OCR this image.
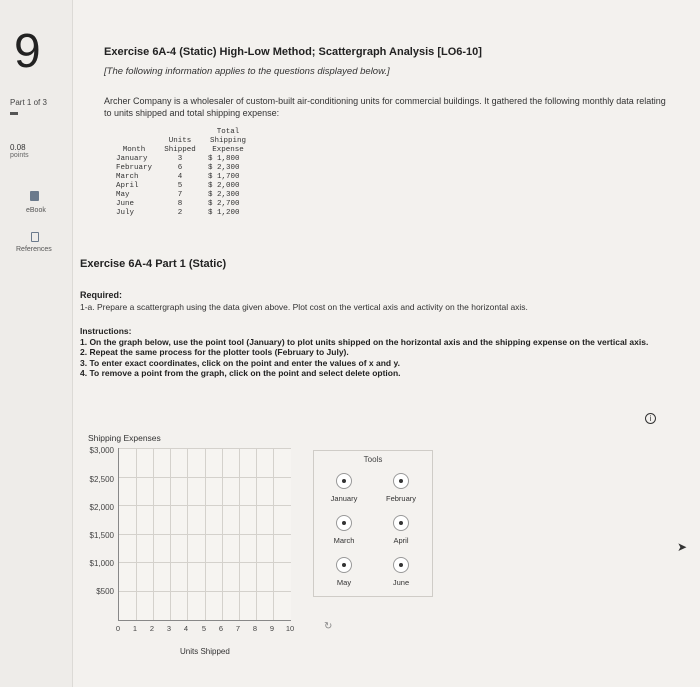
9
Part 1 of 3
0.08
points
eBook
References
Exercise 6A-4 (Static) High-Low Method; Scattergraph Analysis [LO6-10]
[The following information applies to the questions displayed below.]
Archer Company is a wholesaler of custom-built air-conditioning units for commercial buildings. It gathered the following monthly data relating to units shipped and total shipping expense:
Month	Units Shipped	Total Shipping Expense
January	3	$ 1,800
February	6	$ 2,300
March	4	$ 1,700
April	5	$ 2,000
May	7	$ 2,300
June	8	$ 2,700
July	2	$ 1,200
Exercise 6A-4 Part 1 (Static)
Required:
1-a. Prepare a scattergraph using the data given above. Plot cost on the vertical axis and activity on the horizontal axis.
Instructions:
1. On the graph below, use the point tool (January) to plot units shipped on the horizontal axis and the shipping expense on the vertical axis.
2. Repeat the same process for the plotter tools (February to July).
3. To enter exact coordinates, click on the point and enter the values of x and y.
4. To remove a point from the graph, click on the point and select delete option.
i
Shipping Expenses
$3,000
$2,500
$2,000
$1,500
$1,000
$500
0	1	2	3	4	5	6	7	8	9	10
Units Shipped
Tools
January	February
March	April
May	June
↻
➤
